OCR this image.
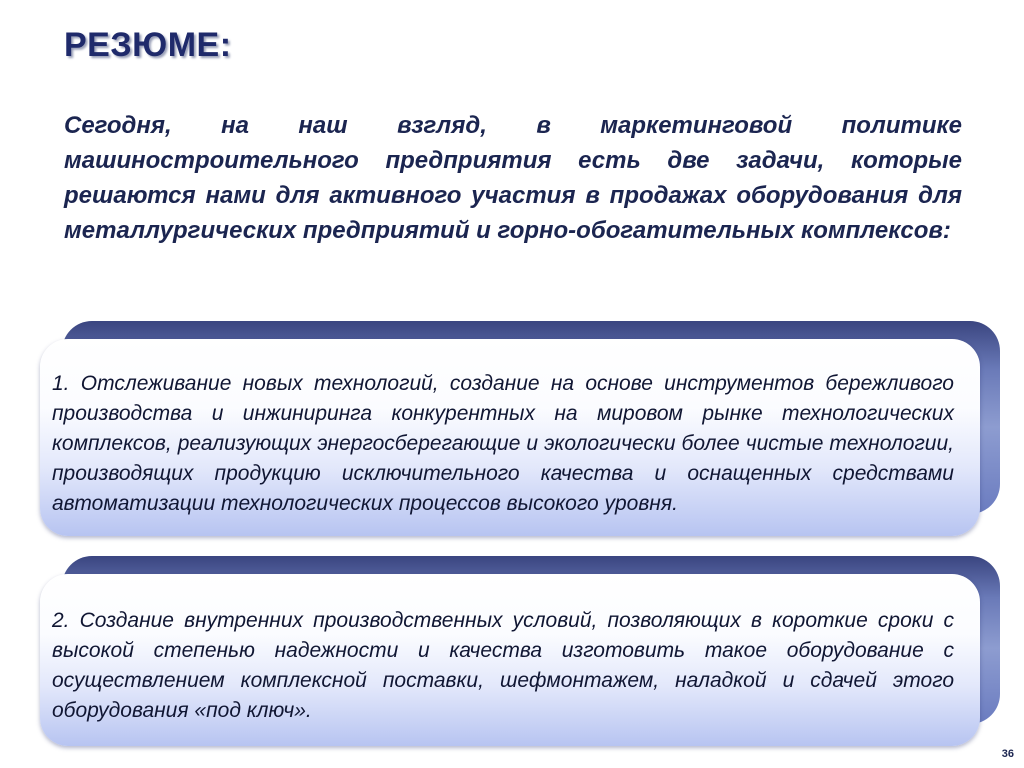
РЕЗЮМЕ:
Сегодня, на наш взгляд, в маркетинговой политике машиностроительного предприятия есть две задачи, которые решаются нами для активного участия в продажах оборудования для металлургических предприятий и горно-обогатительных комплексов:
1. Отслеживание новых технологий, создание на основе инструментов бережливого производства и инжиниринга конкурентных на мировом рынке технологических комплексов, реализующих энергосберегающие и экологически более чистые технологии, производящих продукцию исключительного качества и оснащенных средствами автоматизации технологических процессов высокого уровня.
2. Создание внутренних производственных условий, позволяющих в короткие сроки с высокой степенью надежности и качества изготовить такое оборудование с осуществлением комплексной поставки, шефмонтажем, наладкой и сдачей этого оборудования «под ключ».
36
